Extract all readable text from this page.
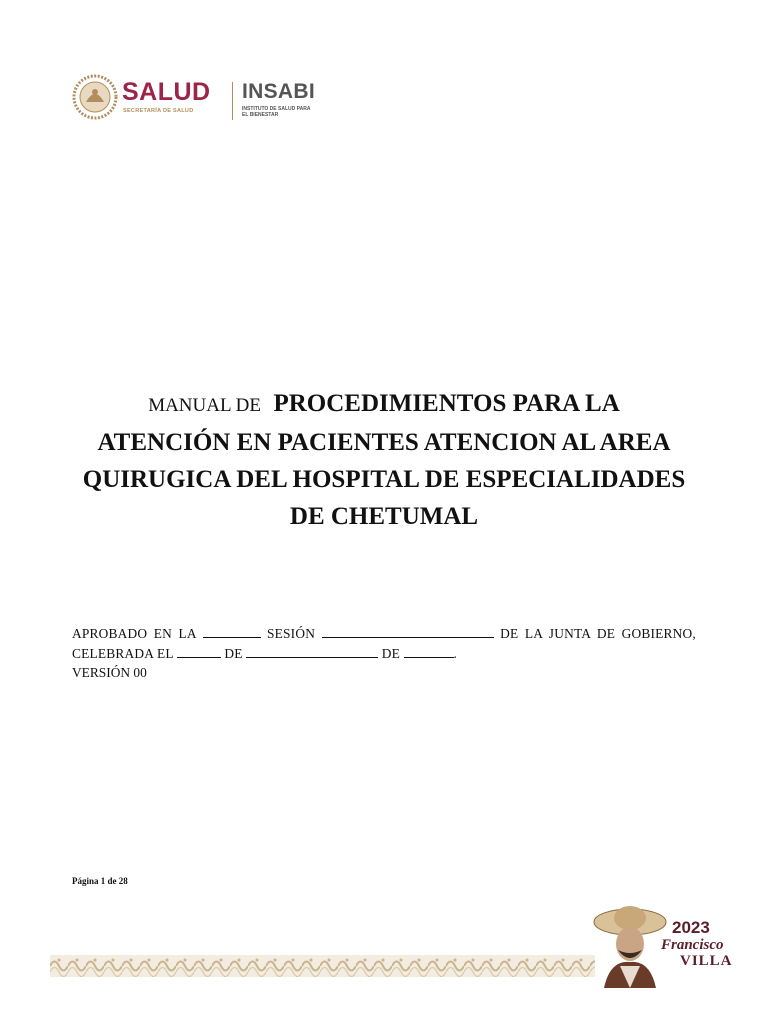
SALUD
SECRETARÍA DE SALUD
INSABI
INSTITUTO DE SALUD PARA
EL BIENESTAR
MANUAL DE PROCEDIMIENTOS PARA LA
ATENCIÓN EN PACIENTES ATENCION AL AREA
QUIRUGICA DEL HOSPITAL DE ESPECIALIDADES
DE CHETUMAL
APROBADO EN LA	SESIÓN	DE LA JUNTA DE GOBIERNO, CELEBRADA EL	DE	DE	.
VERSIÓN 00
Página 1 de 28
2023
Francisco
VILLA
